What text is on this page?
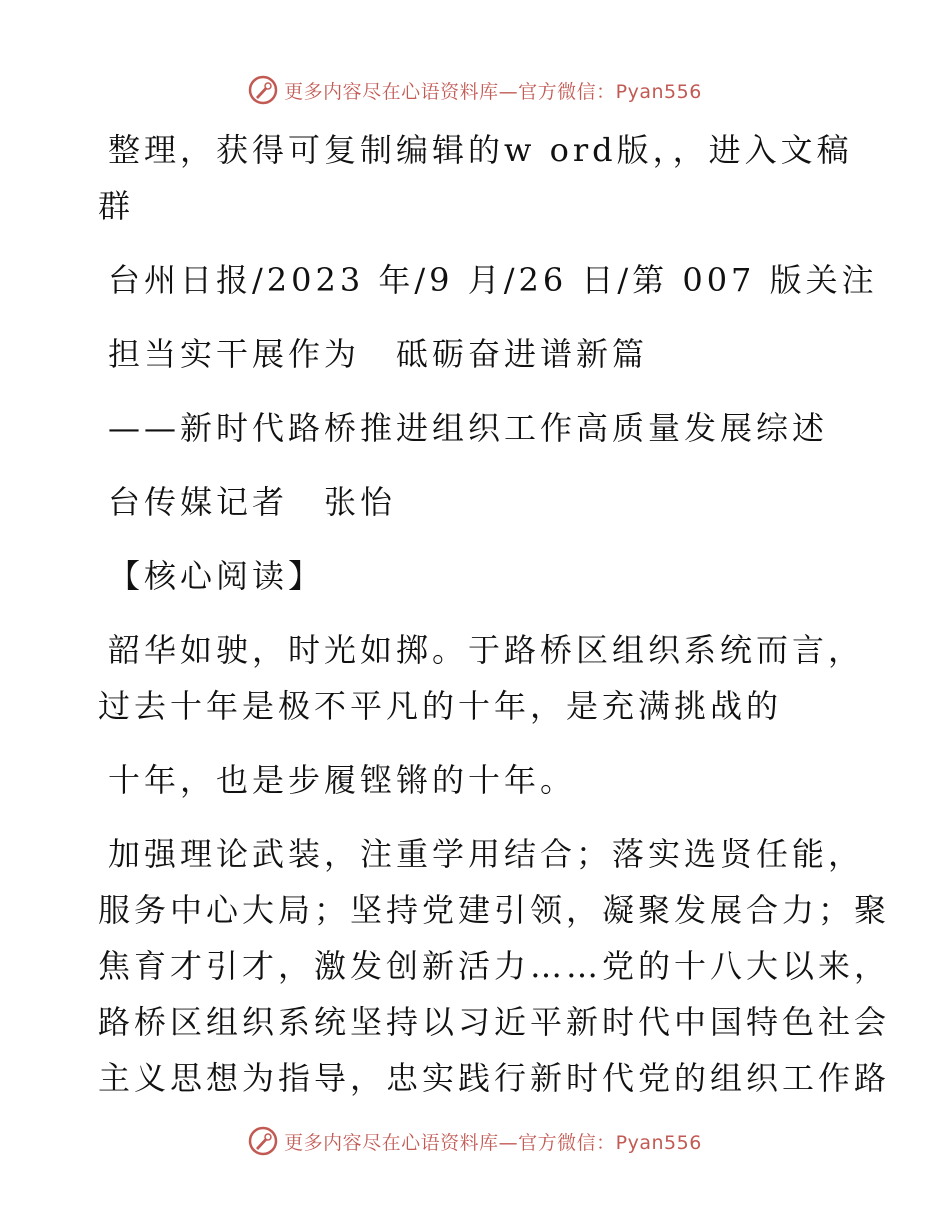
更多内容尽在心语资料库—官方微信：Pyan556
整理，获得可复制编辑的w ord版，，进入文稿
群
台州日报/2023 年/9 月/26 日/第 007 版关注
担当实干展作为　砥砺奋进谱新篇
——新时代路桥推进组织工作高质量发展综述
台传媒记者　张怡
【核心阅读】
韶华如驶，时光如掷。于路桥区组织系统而言，
过去十年是极不平凡的十年，是充满挑战的
十年，也是步履铿锵的十年。
加强理论武装，注重学用结合；落实选贤任能，
服务中心大局；坚持党建引领，凝聚发展合力；聚
焦育才引才，激发创新活力……党的十八大以来，
路桥区组织系统坚持以习近平新时代中国特色社会
主义思想为指导，忠实践行新时代党的组织工作路
更多内容尽在心语资料库—官方微信：Pyan556
